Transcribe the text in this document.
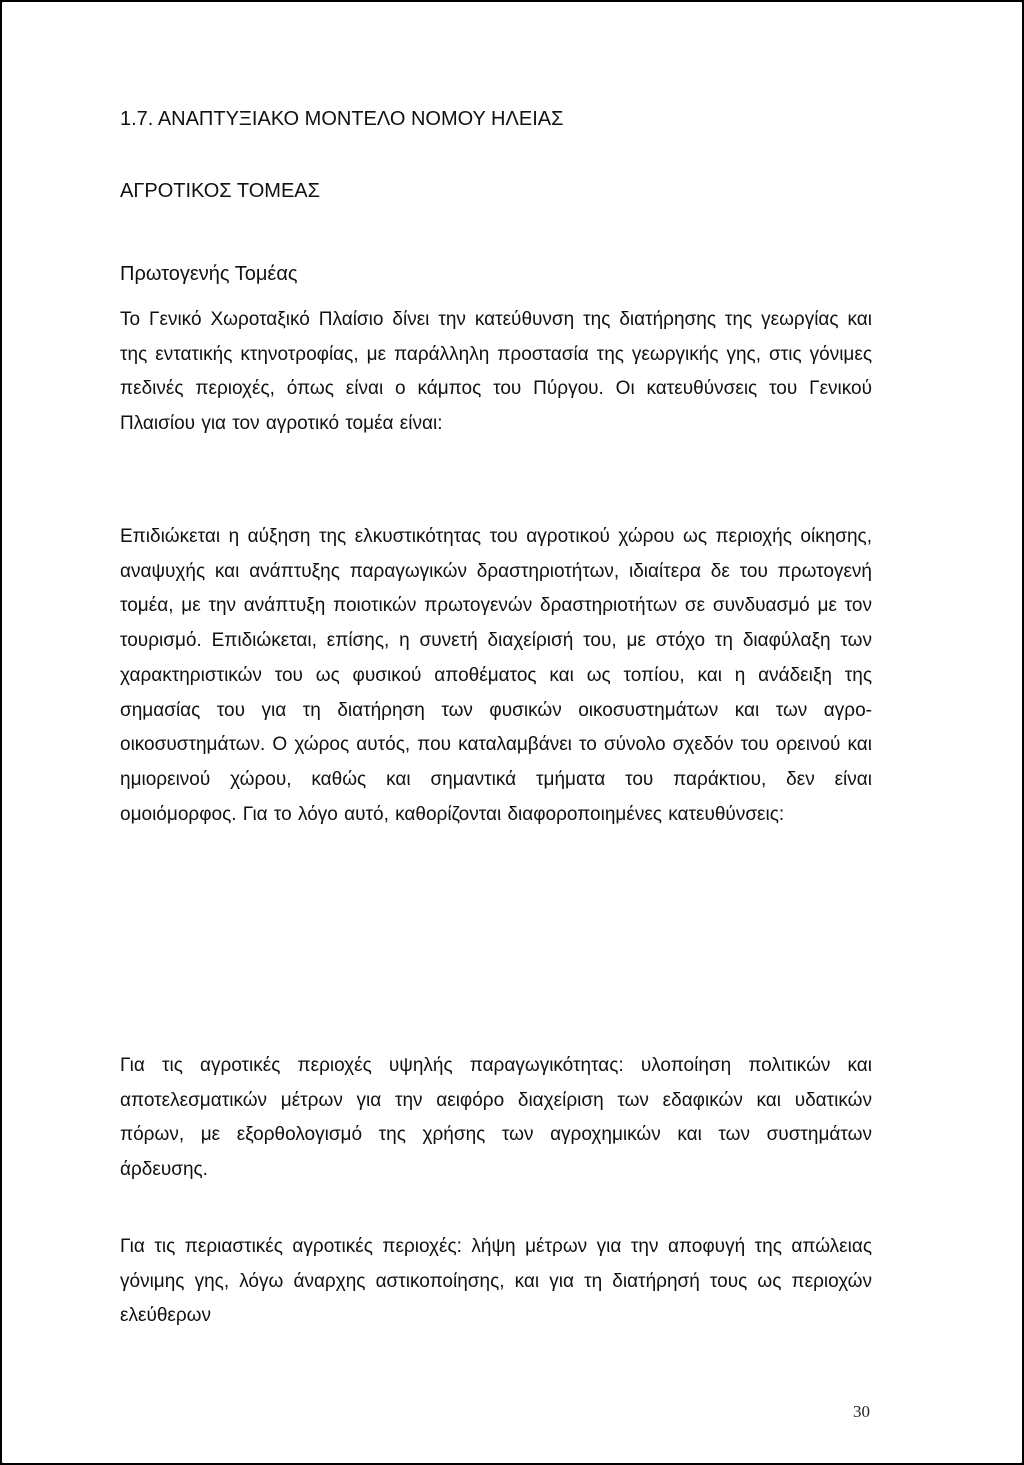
1.7. ΑΝΑΠΤΥΞΙΑΚΟ ΜΟΝΤΕΛΟ ΝΟΜΟΥ ΗΛΕΙΑΣ
ΑΓΡΟΤΙΚΟΣ ΤΟΜΕΑΣ
Πρωτογενής Τομέας

Το Γενικό Χωροταξικό Πλαίσιο δίνει την κατεύθυνση της διατήρησης της γεωργίας και της εντατικής κτηνοτροφίας, με παράλληλη προστασία της γεωργικής γης, στις γόνιμες πεδινές περιοχές, όπως είναι ο κάμπος του Πύργου. Οι κατευθύνσεις του Γενικού Πλαισίου για τον αγροτικό τομέα είναι:

Επιδιώκεται η αύξηση της ελκυστικότητας του αγροτικού χώρου ως περιοχής οίκησης, αναψυχής και ανάπτυξης παραγωγικών δραστηριοτήτων, ιδιαίτερα δε του πρωτογενή τομέα, με την ανάπτυξη ποιοτικών πρωτογενών δραστηριοτήτων σε συνδυασμό με τον τουρισμό. Επιδιώκεται, επίσης, η συνετή διαχείρισή του, με στόχο τη διαφύλαξη των χαρακτηριστικών του ως φυσικού αποθέματος και ως τοπίου, και η ανάδειξη της σημασίας του για τη διατήρηση των φυσικών οικοσυστημάτων και των αγρο-οικοσυστημάτων. Ο χώρος αυτός, που καταλαμβάνει το σύνολο σχεδόν του ορεινού και ημιορεινού χώρου, καθώς και σημαντικά τμήματα του παράκτιου, δεν είναι ομοιόμορφος. Για το λόγο αυτό, καθορίζονται διαφοροποιημένες κατευθύνσεις:

Για τις αγροτικές περιοχές υψηλής παραγωγικότητας: υλοποίηση πολιτικών και αποτελεσματικών μέτρων για την αειφόρο διαχείριση των εδαφικών και υδατικών πόρων, με εξορθολογισμό της χρήσης των αγροχημικών και των συστημάτων άρδευσης.

Για τις περιαστικές αγροτικές περιοχές: λήψη μέτρων για την αποφυγή της απώλειας γόνιμης γης, λόγω άναρχης αστικοποίησης, και για τη διατήρησή τους ως περιοχών ελεύθερων

30
